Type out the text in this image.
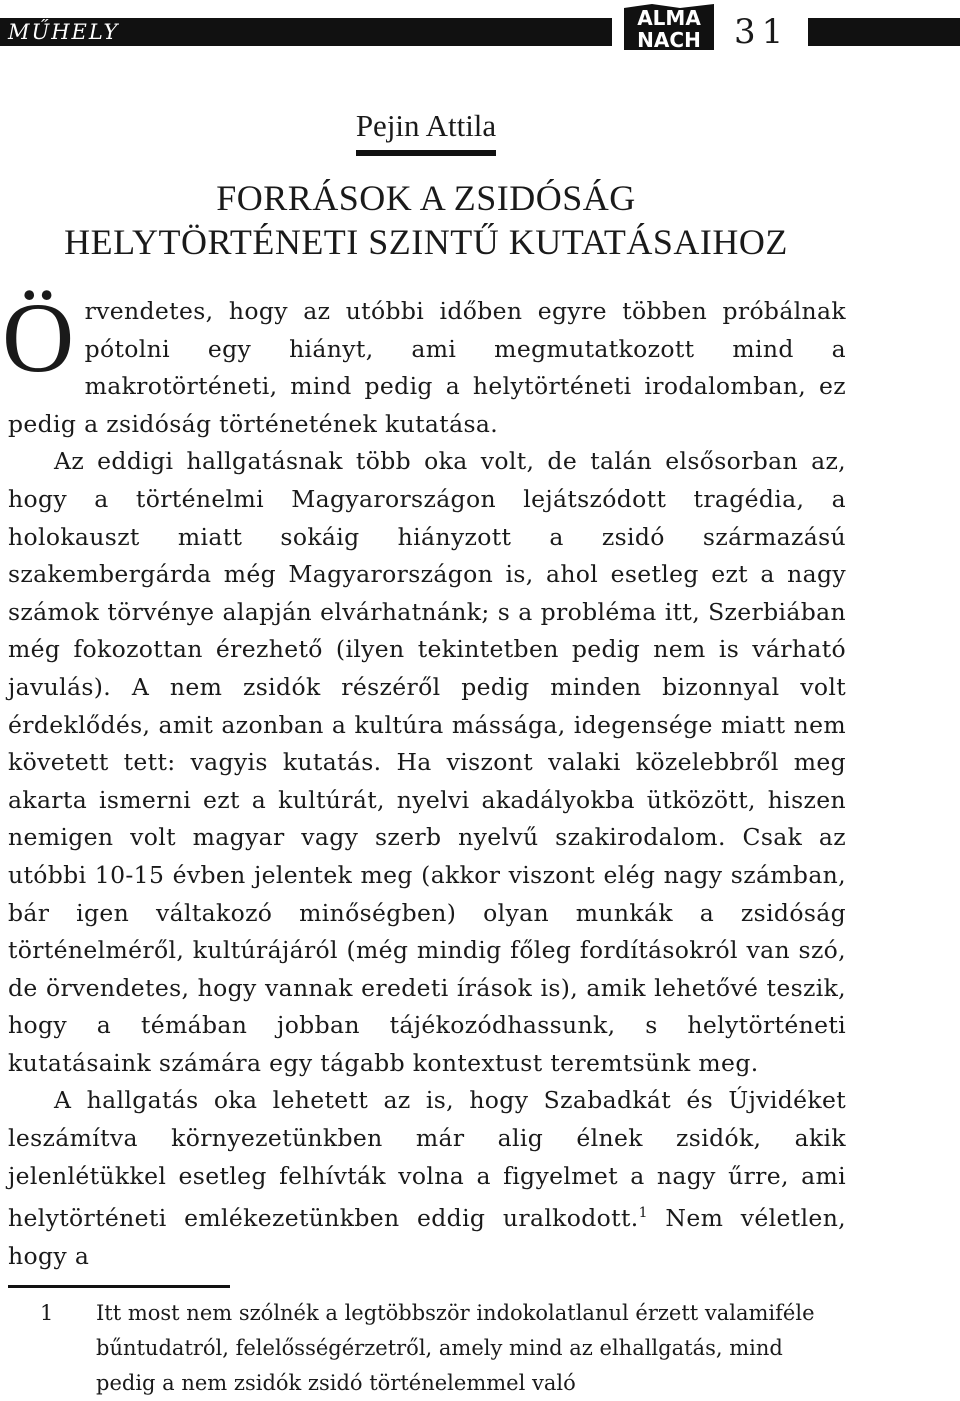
MŰHELY
ALMA
NACH 31
Pejin Attila
FORRÁSOK A ZSIDÓSÁG
HELYTÖRTÉNETI SZINTŰ KUTATÁSAIHOZ

Örvendetes, hogy az utóbbi időben egyre többen próbálnak pótolni egy hiányt, ami megmutatkozott mind a makrotörténeti, mind pedig a helytörténeti irodalomban, ez pedig a zsidóság történetének kutatása.

Az eddigi hallgatásnak több oka volt, de talán elsősorban az, hogy a történelmi Magyarországon lejátszódott tragédia, a holokauszt miatt sokáig hiányzott a zsidó származású szakembergárda még Magyarországon is, ahol esetleg ezt a nagy számok törvénye alapján elvárhatnánk; s a probléma itt, Szerbiában még fokozottan érezhető (ilyen tekintetben pedig nem is várható javulás). A nem zsidók részéről pedig minden bizonnyal volt érdeklődés, amit azonban a kultúra mássága, idegensége miatt nem követett tett: vagyis kutatás. Ha viszont valaki közelebbről meg akarta ismerni ezt a kultúrát, nyelvi akadályokba ütközött, hiszen nemigen volt magyar vagy szerb nyelvű szakirodalom. Csak az utóbbi 10-15 évben jelentek meg (akkor viszont elég nagy számban, bár igen váltakozó minőségben) olyan munkák a zsidóság történelméről, kultúrájáról (még mindig főleg fordításokról van szó, de örvendetes, hogy vannak eredeti írások is), amik lehetővé teszik, hogy a témában jobban tájékozódhassunk, s helytörténeti kutatásaink számára egy tágabb kontextust teremtsünk meg.

A hallgatás oka lehetett az is, hogy Szabadkát és Újvidéket leszámítva környezetünkben már alig élnek zsidók, akik jelenlétükkel esetleg felhívták volna a figyelmet a nagy űrre, ami helytörténeti emlékezetünkben eddig uralkodott.$^1$ Nem véletlen, hogy a

1 Itt most nem szólnék a legtöbbször indokolatlanul érzett valamiféle bűntudatról, felelősségérzetről, amely mind az elhallgatás, mind pedig a nem zsidók zsidó történelemmel való
